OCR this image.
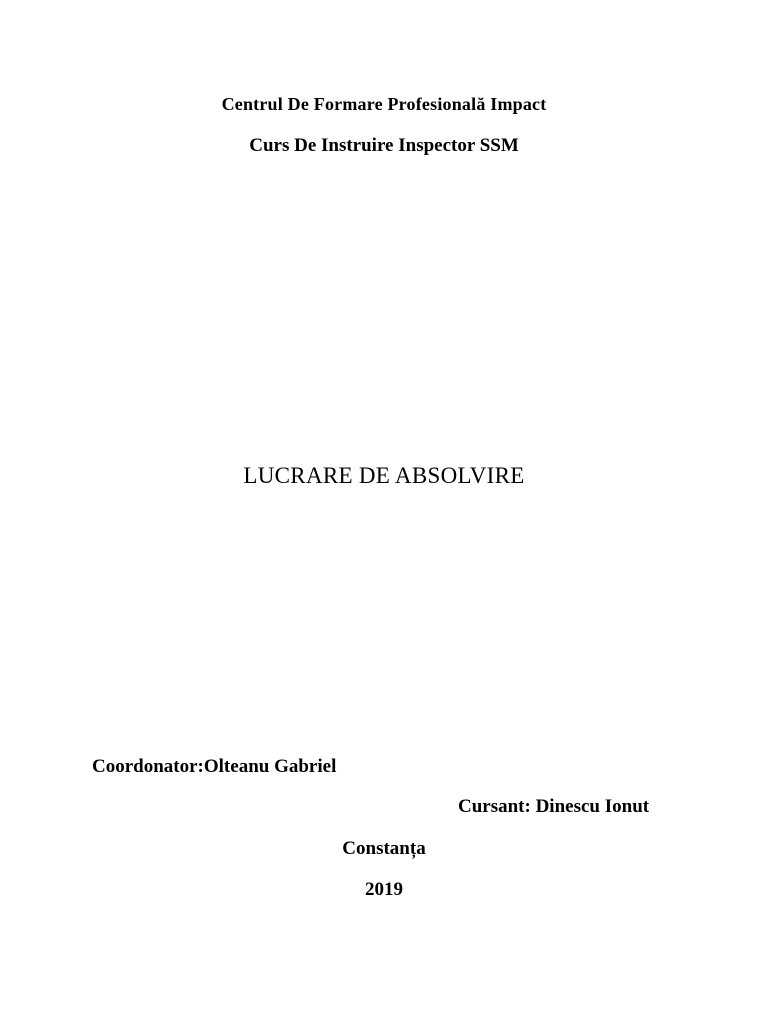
Centrul De Formare Profesională Impact
Curs De Instruire Inspector SSM
LUCRARE DE ABSOLVIRE
Coordonator:Olteanu Gabriel
Cursant: Dinescu Ionut
Constanța
2019
